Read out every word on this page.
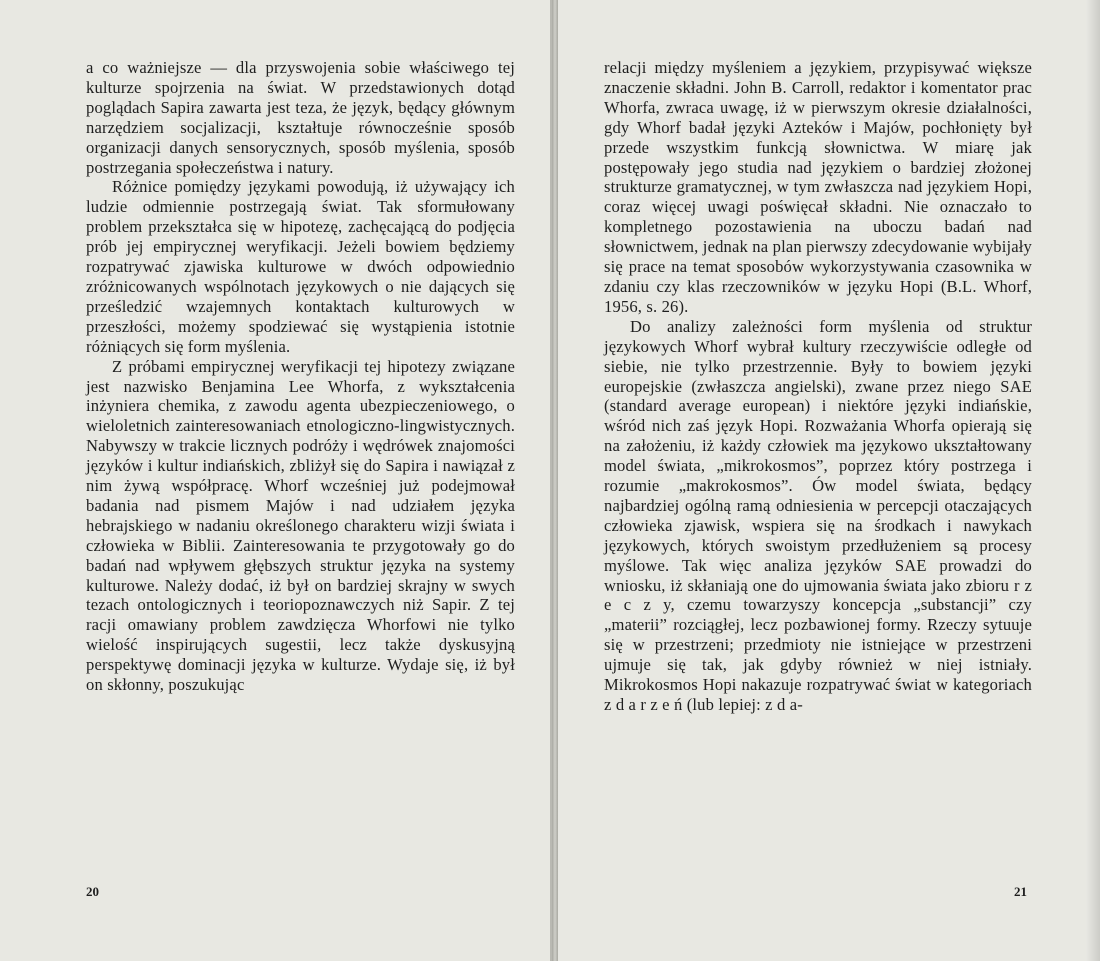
a co ważniejsze — dla przyswojenia sobie właściwego tej kulturze spojrzenia na świat. W przedstawionych dotąd poglądach Sapira zawarta jest teza, że język, będący głównym narzędziem socjalizacji, kształtuje równocześnie sposób organizacji danych sensorycznych, sposób myślenia, sposób postrzegania społeczeństwa i natury.

Różnice pomiędzy językami powodują, iż używający ich ludzie odmiennie postrzegają świat. Tak sformułowany problem przekształca się w hipotezę, zachęcającą do podjęcia prób jej empirycznej weryfikacji. Jeżeli bowiem będziemy rozpatrywać zjawiska kulturowe w dwóch odpowiednio zróżnicowanych wspólnotach językowych o nie dających się prześledzić wzajemnych kontaktach kulturowych w przeszłości, możemy spodziewać się wystąpienia istotnie różniących się form myślenia.

Z próbami empirycznej weryfikacji tej hipotezy związane jest nazwisko Benjamina Lee Whorfa, z wykształcenia inżyniera chemika, z zawodu agenta ubezpieczeniowego, o wieloletnich zainteresowaniach etnologiczno-lingwistycznych. Nabywszy w trakcie licznych podróży i wędrówek znajomości języków i kultur indiańskich, zbliżył się do Sapira i nawiązał z nim żywą współpracę. Whorf wcześniej już podejmował badania nad pismem Majów i nad udziałem języka hebrajskiego w nadaniu określonego charakteru wizji świata i człowieka w Biblii. Zainteresowania te przygotowały go do badań nad wpływem głębszych struktur języka na systemy kulturowe. Należy dodać, iż był on bardziej skrajny w swych tezach ontologicznych i teoriopoznawczych niż Sapir. Z tej racji omawiany problem zawdzięcza Whorfowi nie tylko wielość inspirujących sugestii, lecz także dyskusyjną perspektywę dominacji języka w kulturze. Wydaje się, iż był on skłonny, poszukując

20

relacji między myśleniem a językiem, przypisywać większe znaczenie składni. John B. Carroll, redaktor i komentator prac Whorfa, zwraca uwagę, iż w pierwszym okresie działalności, gdy Whorf badał języki Azteków i Majów, pochłonięty był przede wszystkim funkcją słownictwa. W miarę jak postępowały jego studia nad językiem o bardziej złożonej strukturze gramatycznej, w tym zwłaszcza nad językiem Hopi, coraz więcej uwagi poświęcał składni. Nie oznaczało to kompletnego pozostawienia na uboczu badań nad słownictwem, jednak na plan pierwszy zdecydowanie wybijały się prace na temat sposobów wykorzystywania czasownika w zdaniu czy klas rzeczowników w języku Hopi (B.L. Whorf, 1956, s. 26).

Do analizy zależności form myślenia od struktur językowych Whorf wybrał kultury rzeczywiście odległe od siebie, nie tylko przestrzennie. Były to bowiem języki europejskie (zwłaszcza angielski), zwane przez niego SAE (standard average european) i niektóre języki indiańskie, wśród nich zaś język Hopi. Rozważania Whorfa opierają się na założeniu, iż każdy człowiek ma językowo ukształtowany model świata, „mikrokosmos”, poprzez który postrzega i rozumie „makrokosmos”. Ów model świata, będący najbardziej ogólną ramą odniesienia w percepcji otaczających człowieka zjawisk, wspiera się na środkach i nawykach językowych, których swoistym przedłużeniem są procesy myślowe. Tak więc analiza języków SAE prowadzi do wniosku, iż skłaniają one do ujmowania świata jako zbioru r z e c z y, czemu towarzyszy koncepcja „substancji” czy „materii” rozciągłej, lecz pozbawionej formy. Rzeczy sytuuje się w przestrzeni; przedmioty nie istniejące w przestrzeni ujmuje się tak, jak gdyby również w niej istniały. Mikrokosmos Hopi nakazuje rozpatrywać świat w kategoriach z d a r z e ń (lub lepiej: z d a-

21
